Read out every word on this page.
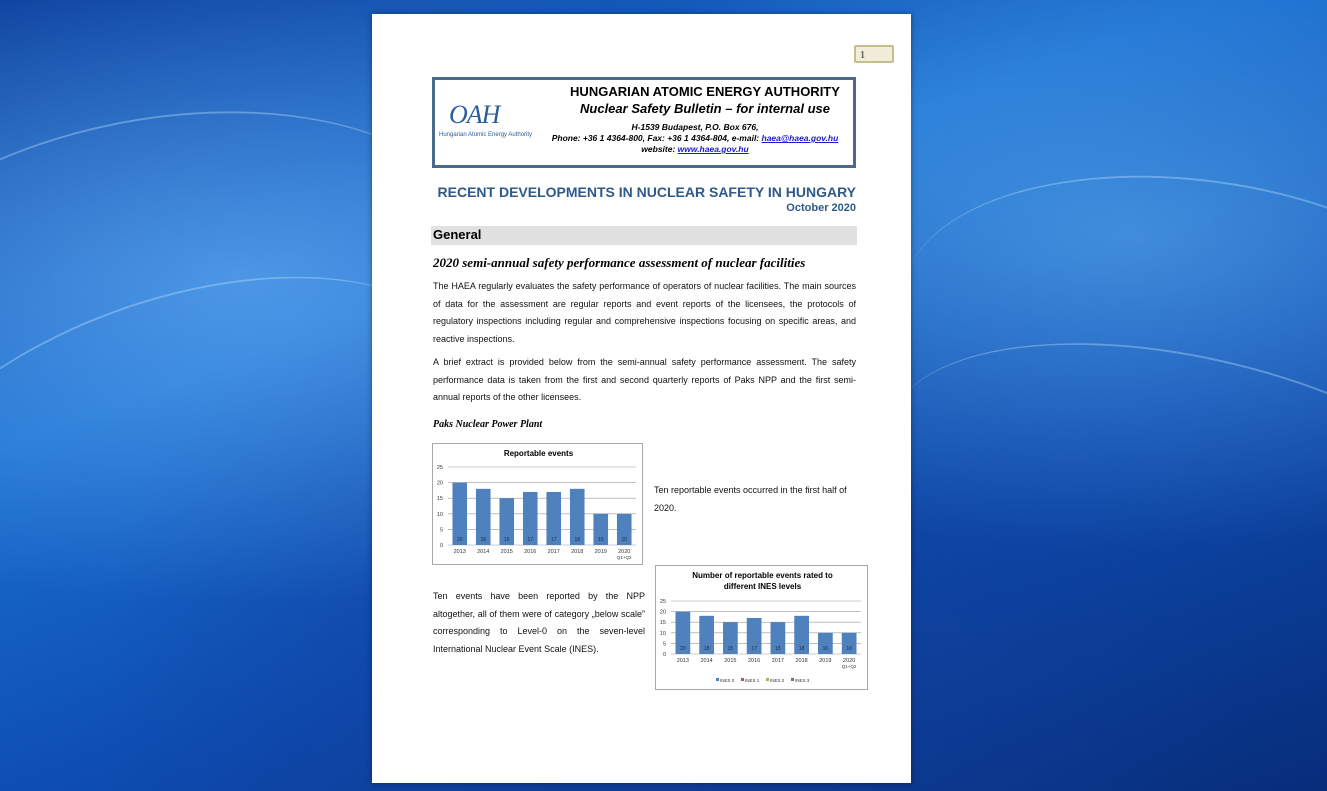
1
OAH
Hungarian Atomic Energy Authority
HUNGARIAN ATOMIC ENERGY AUTHORITY
Nuclear Safety Bulletin – for internal use
H-1539 Budapest, P.O. Box 676,
Phone: +36 1 4364-800, Fax: +36 1 4364-804, e-mail: haea@haea.gov.hu
website: www.haea.gov.hu
RECENT DEVELOPMENTS IN NUCLEAR SAFETY IN HUNGARY
October 2020
General
2020 semi-annual safety performance assessment of nuclear facilities
The HAEA regularly evaluates the safety performance of operators of nuclear facilities. The main sources of data for the assessment are regular reports and event reports of the licensees, the protocols of regulatory inspections including regular and comprehensive inspections focusing on specific areas, and reactive inspections.
A brief extract is provided below from the semi-annual safety performance assessment. The safety performance data is taken from the first and second quarterly reports of Paks NPP and the first semi-annual reports of the other licensees.
Paks Nuclear Power Plant
Reportable events
0
5
10
15
20
25
20	18	15	17	17	18	10	10
2013 2014 2015 2016 2017 2018 2019 2020
Q1+Q2
Ten reportable events occurred in the first half of 2020.
Number of reportable events rated to
different INES levels
0
5
10
15
20
25
20	18	15	17	15	18	10	10
2013 2014 2015 2016 2017 2018 2019 2020
Q1+Q2
INES 0 INES 1 INES 2 INES 3
Ten events have been reported by the NPP altogether, all of them were of category „below scale” corresponding to Level-0 on the seven-level International Nuclear Event Scale (INES).
